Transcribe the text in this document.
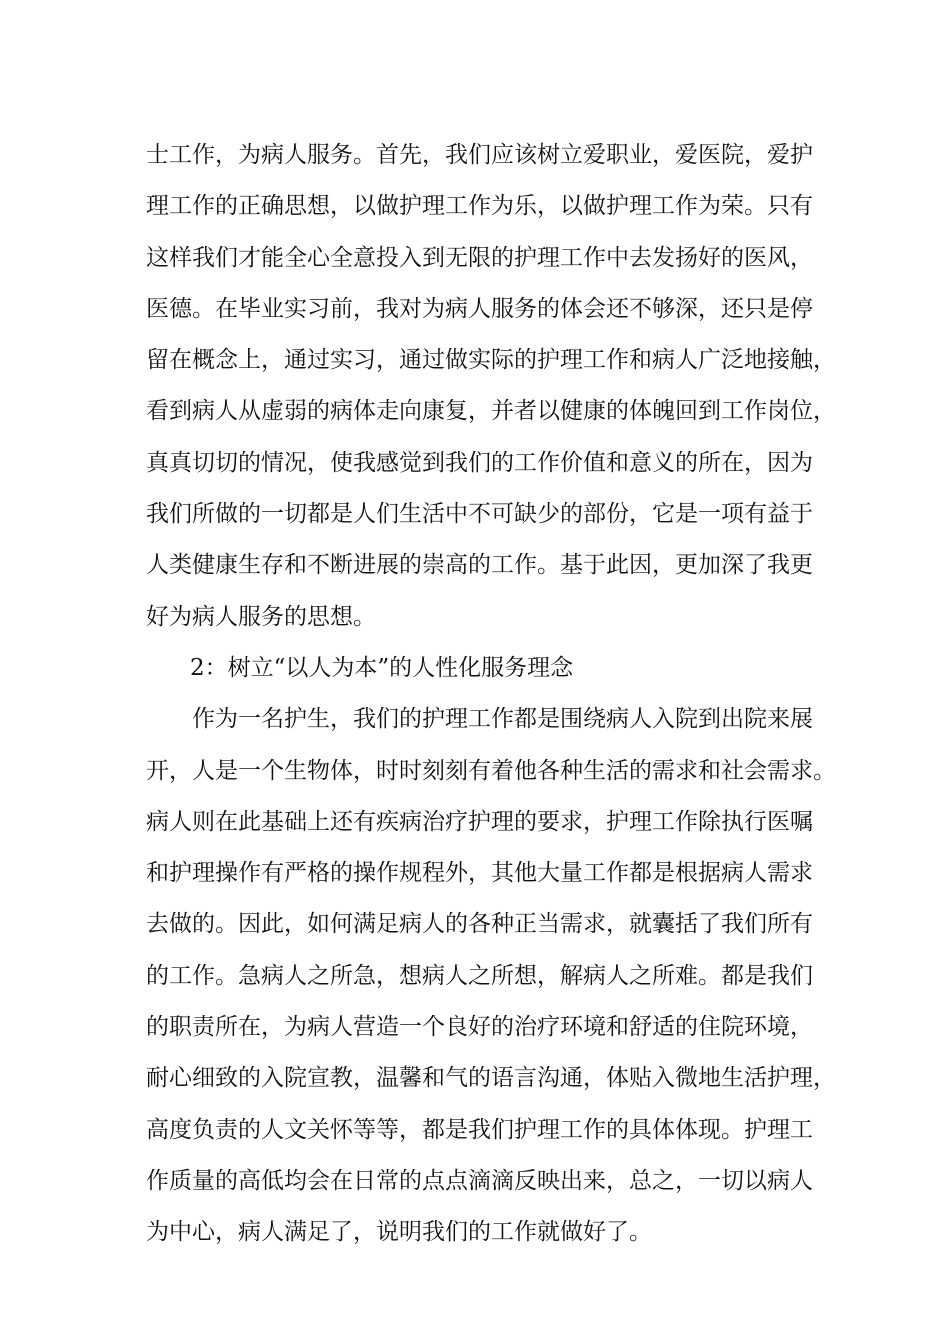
士工作，为病人服务。首先，我们应该树立爱职业，爱医院，爱护
理工作的正确思想，以做护理工作为乐，以做护理工作为荣。只有
这样我们才能全心全意投入到无限的护理工作中去发扬好的医风，
医德。在毕业实习前，我对为病人服务的体会还不够深，还只是停
留在概念上，通过实习，通过做实际的护理工作和病人广泛地接触，
看到病人从虚弱的病体走向康复，并者以健康的体魄回到工作岗位，
真真切切的情况，使我感觉到我们的工作价值和意义的所在，因为
我们所做的一切都是人们生活中不可缺少的部份，它是一项有益于
人类健康生存和不断进展的崇高的工作。基于此因，更加深了我更
好为病人服务的思想。
2：树立“以人为本”的人性化服务理念
作为一名护生，我们的护理工作都是围绕病人入院到出院来展
开，人是一个生物体，时时刻刻有着他各种生活的需求和社会需求。
病人则在此基础上还有疾病治疗护理的要求，护理工作除执行医嘱
和护理操作有严格的操作规程外，其他大量工作都是根据病人需求
去做的。因此，如何满足病人的各种正当需求，就囊括了我们所有
的工作。急病人之所急，想病人之所想，解病人之所难。都是我们
的职责所在，为病人营造一个良好的治疗环境和舒适的住院环境，
耐心细致的入院宣教，温馨和气的语言沟通，体贴入微地生活护理，
高度负责的人文关怀等等，都是我们护理工作的具体体现。护理工
作质量的高低均会在日常的点点滴滴反映出来，总之，一切以病人
为中心，病人满足了，说明我们的工作就做好了。
